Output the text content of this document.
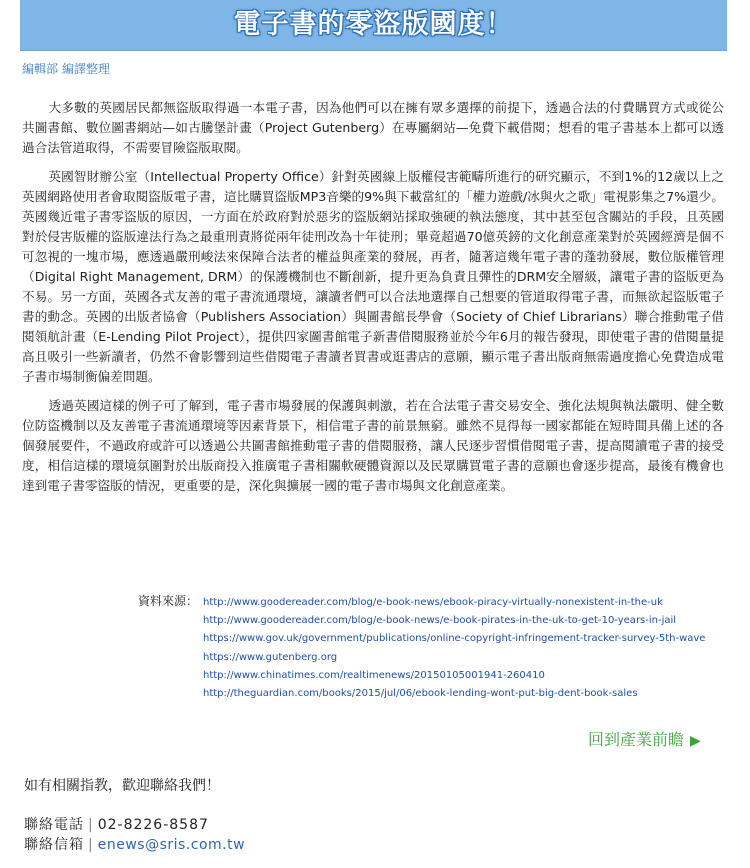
電子書的零盜版國度！
編輯部 編譯整理

大多數的英國居民都無盜版取得過一本電子書，因為他們可以在擁有眾多選擇的前提下，透過合法的付費購買方式或從公共圖書館、數位圖書網站—如古騰堡計畫（Project Gutenberg）在專屬網站—免費下載借閱；想看的電子書基本上都可以透過合法管道取得，不需要冒險盜版取閱。

英國智財辦公室（Intellectual Property Office）針對英國線上版權侵害範疇所進行的研究顯示，不到1%的12歲以上之英國網路使用者會取閱盜版電子書，這比購買盜版MP3音樂的9%與下載當紅的「權力遊戲/冰與火之歌」電視影集之7%還少。英國幾近電子書零盜版的原因，一方面在於政府對於惡劣的盜版網站採取強硬的執法態度，其中甚至包含關站的手段，且英國對於侵害版權的盜版違法行為之最重刑責將從兩年徒刑改為十年徒刑；畢竟超過70億英鎊的文化創意產業對於英國經濟是個不可忽視的一塊市場，應透過嚴刑峻法來保障合法者的權益與產業的發展，再者，隨著這幾年電子書的蓬勃發展，數位版權管理（Digital Right Management, DRM）的保護機制也不斷創新，提升更為負責且彈性的DRM安全層級，讓電子書的盜版更為不易。另一方面，英國各式友善的電子書流通環境，讓讀者們可以合法地選擇自己想要的管道取得電子書，而無欲起盜版電子書的動念。英國的出版者協會（Publishers Association）與圖書館長學會（Society of Chief Librarians）聯合推動電子借閱領航計畫（E-Lending Pilot Project），提供四家圖書館電子新書借閱服務並於今年6月的報告發現，即使電子書的借閱量提高且吸引一些新讀者，仍然不會影響到這些借閱電子書讀者買書或逛書店的意願，顯示電子書出版商無需過度擔心免費造成電子書市場制衡偏差問題。

透過英國這樣的例子可了解到，電子書市場發展的保護與刺激，若在合法電子書交易安全、強化法規與執法嚴明、健全數位防盜機制以及友善電子書流通環境等因素背景下，相信電子書的前景無窮。雖然不見得每一國家都能在短時間具備上述的各個發展要件，不過政府或許可以透過公共圖書館推動電子書的借閱服務，讓人民逐步習慣借閱電子書，提高閱讀電子書的接受度，相信這樣的環境氛圍對於出版商投入推廣電子書相關軟硬體資源以及民眾購買電子書的意願也會逐步提高，最後有機會也達到電子書零盜版的情況，更重要的是，深化與擴展一國的電子書市場與文化創意產業。

資料來源： http://www.goodereader.com/blog/e-book-news/ebook-piracy-virtually-nonexistent-in-the-uk
http://www.goodereader.com/blog/e-book-news/e-book-pirates-in-the-uk-to-get-10-years-in-jail
https://www.gov.uk/government/publications/online-copyright-infringement-tracker-survey-5th-wave
https://www.gutenberg.org
http://www.chinatimes.com/realtimenews/20150105001941-260410
http://theguardian.com/books/2015/jul/06/ebook-lending-wont-put-big-dent-book-sales
回到產業前瞻 ▶
如有相關指教，歡迎聯絡我們！
聯絡電話 | 02-8226-8587
聯絡信箱 | enews@sris.com.tw
